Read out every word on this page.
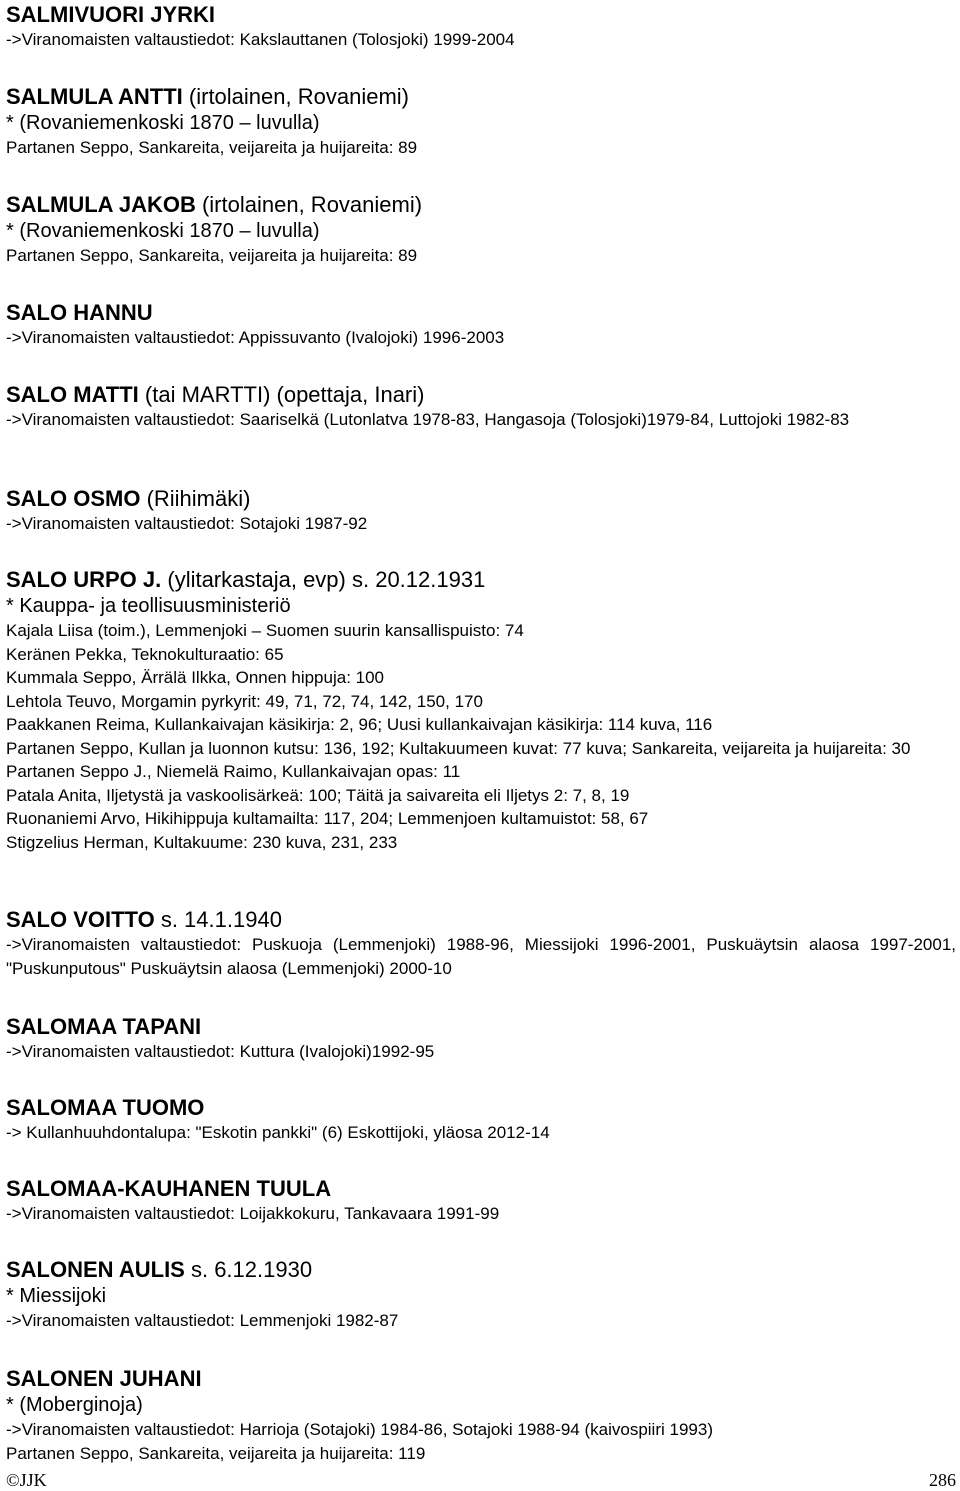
SALMIVUORI JYRKI
->Viranomaisten valtaustiedot: Kakslauttanen (Tolosjoki) 1999-2004
SALMULA ANTTI (irtolainen, Rovaniemi)
* (Rovaniemenkoski 1870 – luvulla)
Partanen Seppo, Sankareita, veijareita ja huijareita: 89
SALMULA JAKOB (irtolainen, Rovaniemi)
* (Rovaniemenkoski 1870 – luvulla)
Partanen Seppo, Sankareita, veijareita ja huijareita: 89
SALO HANNU
->Viranomaisten valtaustiedot: Appissuvanto (Ivalojoki) 1996-2003
SALO MATTI (tai MARTTI) (opettaja, Inari)
->Viranomaisten valtaustiedot: Saariselkä (Lutonlatva 1978-83, Hangasoja (Tolosjoki)1979-84, Luttojoki 1982-83
SALO OSMO (Riihimäki)
->Viranomaisten valtaustiedot: Sotajoki 1987-92
SALO URPO J. (ylitarkastaja, evp) s. 20.12.1931
* Kauppa- ja teollisuusministeriö
Kajala Liisa (toim.), Lemmenjoki – Suomen suurin kansallispuisto: 74
Keränen Pekka, Teknokulturaatio: 65
Kummala Seppo, Ärrälä Ilkka, Onnen hippuja: 100
Lehtola Teuvo, Morgamin pyrkyrit: 49, 71, 72, 74, 142, 150, 170
Paakkanen Reima, Kullankaivajan käsikirja: 2, 96; Uusi kullankaivajan käsikirja: 114 kuva, 116
Partanen Seppo, Kullan ja luonnon kutsu: 136, 192; Kultakuumeen kuvat: 77 kuva; Sankareita, veijareita ja huijareita: 30
Partanen Seppo J., Niemelä Raimo, Kullankaivajan opas: 11
Patala Anita, Iljetystä ja vaskoolisärkeä: 100; Täitä ja saivareita eli Iljetys 2: 7, 8, 19
Ruonaniemi Arvo, Hikihippuja kultamailta: 117, 204; Lemmenjoen kultamuistot: 58, 67
Stigzelius Herman, Kultakuume: 230 kuva, 231, 233
SALO VOITTO s. 14.1.1940
->Viranomaisten valtaustiedot: Puskuoja (Lemmenjoki) 1988-96, Miessijoki 1996-2001, Puskuäytsin alaosa 1997-2001, "Puskunputous" Puskuäytsin alaosa (Lemmenjoki) 2000-10
SALOMAA TAPANI
->Viranomaisten valtaustiedot: Kuttura (Ivalojoki)1992-95
SALOMAA TUOMO
-> Kullanhuuhdontalupa: "Eskotin pankki" (6) Eskottijoki, yläosa 2012-14
SALOMAA-KAUHANEN TUULA
->Viranomaisten valtaustiedot: Loijakkokuru, Tankavaara 1991-99
SALONEN AULIS s. 6.12.1930
* Miessijoki
->Viranomaisten valtaustiedot: Lemmenjoki 1982-87
SALONEN JUHANI
* (Moberginoja)
->Viranomaisten valtaustiedot: Harrioja (Sotajoki) 1984-86, Sotajoki 1988-94 (kaivospiiri 1993)
Partanen Seppo, Sankareita, veijareita ja huijareita: 119
©JJK	286
